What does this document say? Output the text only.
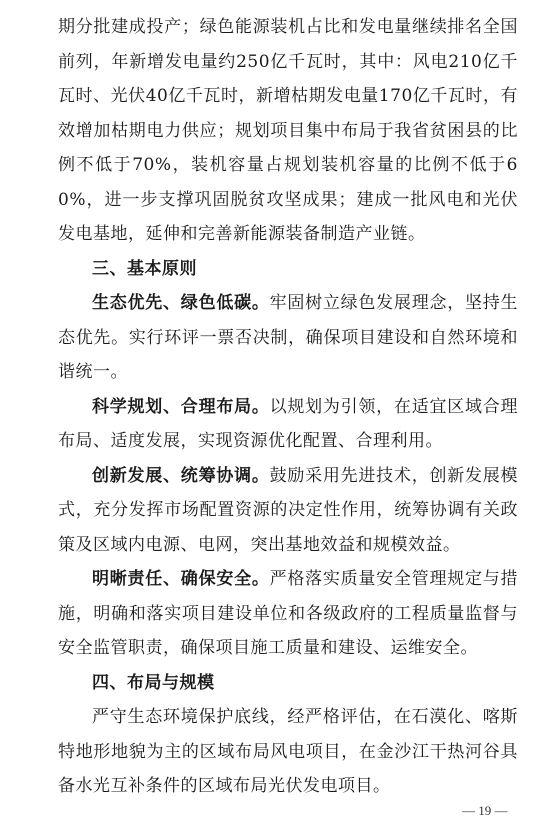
期分批建成投产；绿色能源装机占比和发电量继续排名全国前列，年新增发电量约250亿千瓦时，其中：风电210亿千瓦时、光伏40亿千瓦时，新增枯期发电量170亿千瓦时，有效增加枯期电力供应；规划项目集中布局于我省贫困县的比例不低于70%，装机容量占规划装机容量的比例不低于60%，进一步支撑巩固脱贫攻坚成果；建成一批风电和光伏发电基地，延伸和完善新能源装备制造产业链。

三、基本原则

生态优先、绿色低碳。牢固树立绿色发展理念，坚持生态优先。实行环评一票否决制，确保项目建设和自然环境和谐统一。

科学规划、合理布局。以规划为引领，在适宜区域合理布局、适度发展，实现资源优化配置、合理利用。

创新发展、统筹协调。鼓励采用先进技术，创新发展模式，充分发挥市场配置资源的决定性作用，统筹协调有关政策及区域内电源、电网，突出基地效益和规模效益。

明晰责任、确保安全。严格落实质量安全管理规定与措施，明确和落实项目建设单位和各级政府的工程质量监督与安全监管职责，确保项目施工质量和建设、运维安全。

四、布局与规模

严守生态环境保护底线，经严格评估，在石漠化、喀斯特地形地貌为主的区域布局风电项目，在金沙江干热河谷具备水光互补条件的区域布局光伏发电项目。

— 19 —
